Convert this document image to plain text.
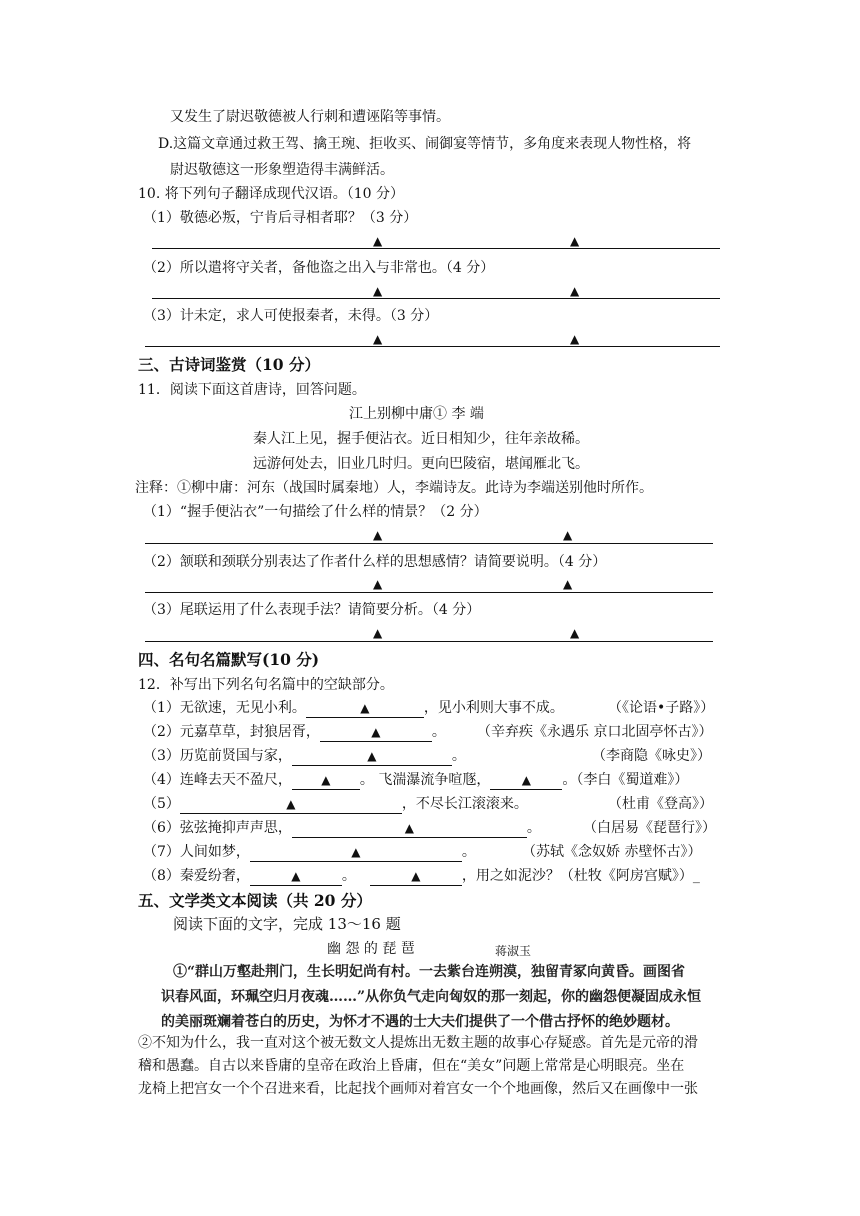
又发生了尉迟敬德被人行刺和遭诬陷等事情。
D.这篇文章通过救王驾、擒王琬、拒收买、闹御宴等情节，多角度来表现人物性格，将
尉迟敬德这一形象塑造得丰满鲜活。
10. 将下列句子翻译成现代汉语。（10 分）
（1）敬德必叛，宁肯后寻相者耶？（3 分）
▲	▲
（2）所以遣将守关者，备他盗之出入与非常也。（4 分）
▲	▲
（3）计未定，求人可使报秦者，未得。（3 分）
▲	▲
三、古诗词鉴赏（10 分）
11．阅读下面这首唐诗，回答问题。
江上别柳中庸① 李 端
秦人江上见，握手便沾衣。近日相知少，往年亲故稀。
远游何处去，旧业几时归。更向巴陵宿，堪闻雁北飞。
注释：①柳中庸：河东（战国时属秦地）人，李端诗友。此诗为李端送别他时所作。
（1）“握手便沾衣”一句描绘了什么样的情景？（2 分）
▲	▲
（2）颔联和颈联分别表达了作者什么样的思想感情？请简要说明。（4 分）
▲	▲
（3）尾联运用了什么表现手法？请简要分析。（4 分）
▲	▲
四、名句名篇默写(10 分)
12．补写出下列名句名篇中的空缺部分。
（1）无欲速，无见小利。	▲	，见小利则大事不成。	（《论语•子路》）
（2）元嘉草草，封狼居胥，	▲	。 （辛弃疾《永遇乐 京口北固亭怀古》）
（3）历览前贤国与家，	▲	。	（李商隐《咏史》）
（4）连峰去天不盈尺， ▲ 。 飞湍瀑流争喧豗，	▲ 。（李白《蜀道难》）
（5）	▲	，不尽长江滚滚来。	（杜甫《登高》）
（6）弦弦掩抑声声思，	▲	。	（白居易《琵琶行》）
（7）人间如梦，	▲	。	（苏轼《念奴娇 赤壁怀古》）
（8）秦爱纷奢，	▲	。	▲	，用之如泥沙？（杜牧《阿房宫赋》）_
五、文学类文本阅读（共 20 分）
阅读下面的文字，完成 13～16 题
幽 怨 的 琵 琶	蒋淑玉
①“群山万壑赴荆门，生长明妃尚有村。一去紫台连朔漠，独留青冢向黄昏。画图省
识春风面，环珮空归月夜魂……”从你负气走向匈奴的那一刻起，你的幽怨便凝固成永恒
的美丽斑斓着苍白的历史，为怀才不遇的士大夫们提供了一个借古抒怀的绝妙题材。
②不知为什么，我一直对这个被无数文人提炼出无数主题的故事心存疑惑。首先是元帝的滑
稽和愚蠢。自古以来昏庸的皇帝在政治上昏庸，但在“美女”问题上常常是心明眼亮。坐在
龙椅上把宫女一个个召进来看，比起找个画师对着宫女一个个地画像，然后又在画像中一张
